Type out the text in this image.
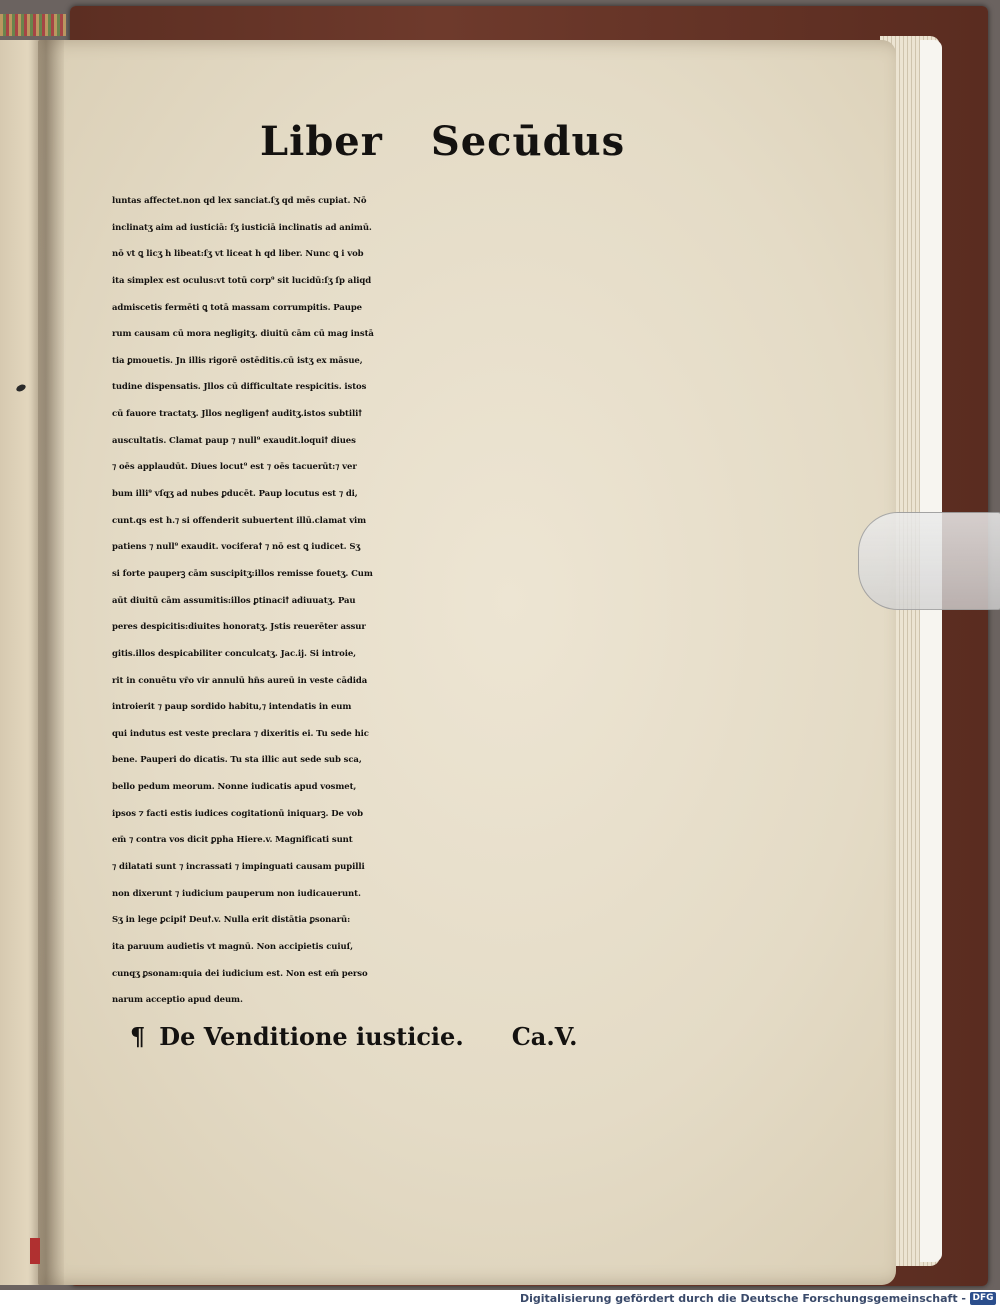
Liber Secūdus
luntas affectet.non qd lex sanciat.ſʒ qd mēs cupiat. Nō
inclinatʒ aim ad iusticiā: ſʒ iusticiā inclinatis ad animū.
nō vt ꝗ licʒ h libeat:ſʒ vt liceat h qd liber. Nunc ꝗ i vob
ita simplex est oculus:vt totū corp⁹ sit lucidū:ſʒ ſp aliqd
admiscetis fermēti ꝗ totā massam corrumpitis. Paupe
rum causam cū mora negligitʒ. diuitū cām cū mag instā
tia ꝑmouetis. Jn illis rigorē ostēditis.cū istʒ ex māsue,
tudine dispensatis. Jllos cū difficultate respicitis. istos
cū fauore tractatʒ. Jllos negligenꝉ auditʒ.istos subtiliꝉ
auscultatis. Clamat paup ⁊ null⁹ exaudit.loquiꝉ diues
⁊ oēs applaudūt. Diues locut⁹ est ⁊ oēs tacuerūt:⁊ ver
bum illi⁹ vſqʒ ad nubes ꝑducēt. Paup locutus est ⁊ di,
cunt.qs est h.⁊ si offenderit subuertent illū.clamat vim
patiens ⁊ null⁹ exaudit. vociferaꝉ ⁊ nō est ꝗ iudicet. Sʒ
si forte pauperꝫ cām suscipitʒ:illos remisse fouetʒ. Cum
aūt diuitū cām assumitis:illos ꝑtinaciꝉ adiuuatʒ. Pau
peres despicitis:diuites honoratʒ. Jstis reuerēter assur
gitis.illos despicabiliter conculcatʒ. Jac.ij. Si introie,
rit in conuētu vr̄o vir annulū hn̄s aureū in veste cādida
introierit ⁊ paup sordido habitu,⁊ intendatis in eum
qui indutus est veste preclara ⁊ dixeritis ei. Tu sede hic
bene. Pauperi do dicatis. Tu sta illic aut sede sub sca,
bello pedum meorum. Nonne iudicatis apud vosmet,
ipsos ⁊ facti estis iudices cogitationū iniquarꝫ. De vob
em̄ ⁊ contra vos dicit ꝑpha Hiere.v. Magnificati sunt
⁊ dilatati sunt ⁊ incrassati ⁊ impinguati causam pupilli
non dixerunt ⁊ iudicium pauperum non iudicauerunt.
Sʒ in lege ꝑcipiꝉ Deuꝉ.v. Nulla erit distātia ꝑsonarū:
ita paruum audietis vt magnū. Non accipietis cuiuſ,
cunqʒ ꝑsonam:quia dei iudicium est. Non est em̄ perso
narum acceptio apud deum.
¶ De Venditione iusticie. Ca.V.
Digitalisierung gefördert durch die Deutsche Forschungsgemeinschaft - DFG
